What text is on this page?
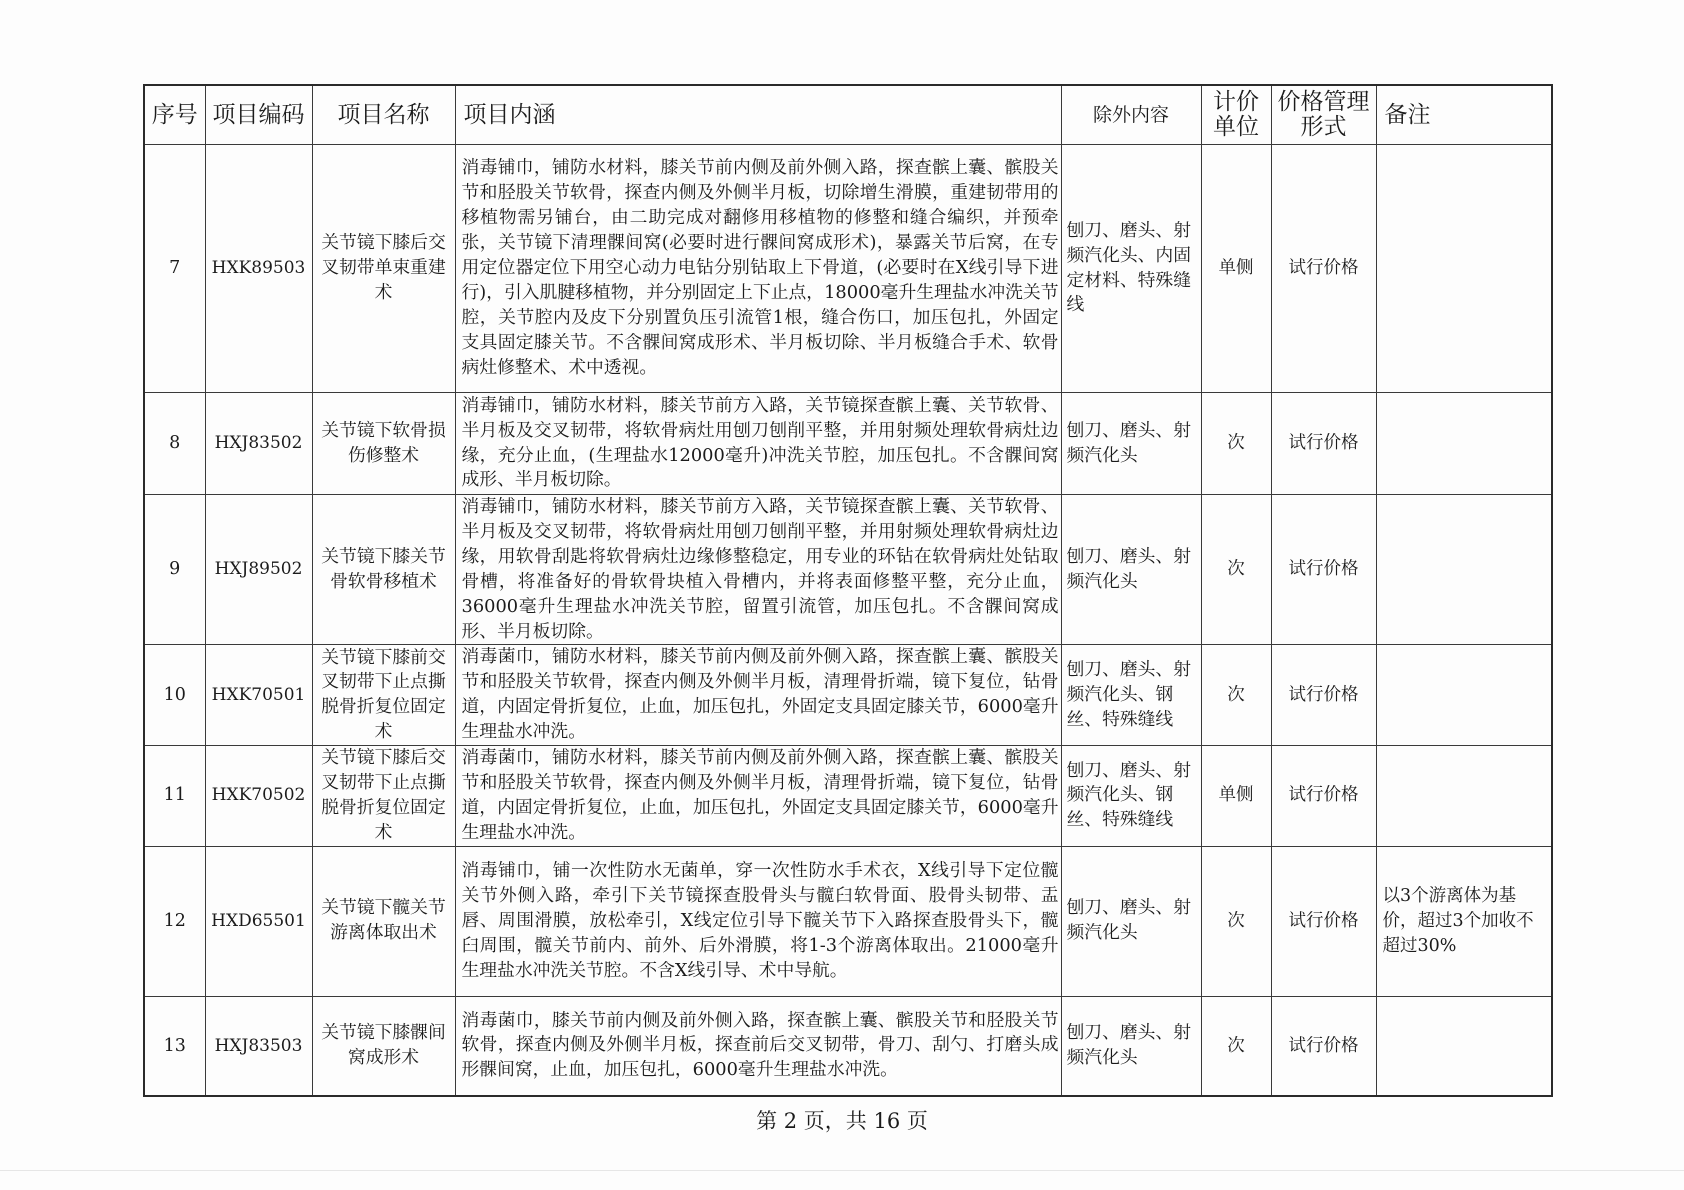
序号	项目编码	项目名称	项目内涵	除外内容	计价单位	价格管理形式	备注
7	HXK89503	关节镜下膝后交叉韧带单束重建术	消毒铺巾，铺防水材料，膝关节前内侧及前外侧入路，探查髌上囊、髌股关节和胫股关节软骨，探查内侧及外侧半月板，切除增生滑膜，重建韧带用的移植物需另铺台，由二助完成对翻修用移植物的修整和缝合编织，并预牵张，关节镜下清理髁间窝(必要时进行髁间窝成形术)，暴露关节后窝，在专用定位器定位下用空心动力电钻分别钻取上下骨道，(必要时在X线引导下进行)，引入肌腱移植物，并分别固定上下止点，18000毫升生理盐水冲洗关节腔，关节腔内及皮下分别置负压引流管1根，缝合伤口，加压包扎，外固定支具固定膝关节。不含髁间窝成形术、半月板切除、半月板缝合手术、软骨病灶修整术、术中透视。	刨刀、磨头、射频汽化头、内固定材料、特殊缝线	单侧	试行价格	
8	HXJ83502	关节镜下软骨损伤修整术	消毒铺巾，铺防水材料，膝关节前方入路，关节镜探查髌上囊、关节软骨、半月板及交叉韧带，将软骨病灶用刨刀刨削平整，并用射频处理软骨病灶边缘，充分止血，(生理盐水12000毫升)冲洗关节腔，加压包扎。不含髁间窝成形、半月板切除。	刨刀、磨头、射频汽化头	次	试行价格	
9	HXJ89502	关节镜下膝关节骨软骨移植术	消毒铺巾，铺防水材料，膝关节前方入路，关节镜探查髌上囊、关节软骨、半月板及交叉韧带，将软骨病灶用刨刀刨削平整，并用射频处理软骨病灶边缘，用软骨刮匙将软骨病灶边缘修整稳定，用专业的环钻在软骨病灶处钻取骨槽，将准备好的骨软骨块植入骨槽内，并将表面修整平整，充分止血，36000毫升生理盐水冲洗关节腔，留置引流管，加压包扎。不含髁间窝成形、半月板切除。	刨刀、磨头、射频汽化头	次	试行价格	
10	HXK70501	关节镜下膝前交叉韧带下止点撕脱骨折复位固定术	消毒菌巾，铺防水材料，膝关节前内侧及前外侧入路，探查髌上囊、髌股关节和胫股关节软骨，探查内侧及外侧半月板，清理骨折端，镜下复位，钻骨道，内固定骨折复位，止血，加压包扎，外固定支具固定膝关节，6000毫升生理盐水冲洗。	刨刀、磨头、射频汽化头、钢丝、特殊缝线	次	试行价格	
11	HXK70502	关节镜下膝后交叉韧带下止点撕脱骨折复位固定术	消毒菌巾，铺防水材料，膝关节前内侧及前外侧入路，探查髌上囊、髌股关节和胫股关节软骨，探查内侧及外侧半月板，清理骨折端，镜下复位，钻骨道，内固定骨折复位，止血，加压包扎，外固定支具固定膝关节，6000毫升生理盐水冲洗。	刨刀、磨头、射频汽化头、钢丝、特殊缝线	单侧	试行价格	
12	HXD65501	关节镜下髋关节游离体取出术	消毒铺巾，铺一次性防水无菌单，穿一次性防水手术衣，X线引导下定位髋关节外侧入路，牵引下关节镜探查股骨头与髋臼软骨面、股骨头韧带、盂唇、周围滑膜，放松牵引，X线定位引导下髋关节下入路探查股骨头下，髋臼周围，髋关节前内、前外、后外滑膜，将1-3个游离体取出。21000毫升生理盐水冲洗关节腔。不含X线引导、术中导航。	刨刀、磨头、射频汽化头	次	试行价格	以3个游离体为基价，超过3个加收不超过30%
13	HXJ83503	关节镜下膝髁间窝成形术	消毒菌巾，膝关节前内侧及前外侧入路，探查髌上囊、髌股关节和胫股关节软骨，探查内侧及外侧半月板，探查前后交叉韧带，骨刀、刮勺、打磨头成形髁间窝，止血，加压包扎，6000毫升生理盐水冲洗。	刨刀、磨头、射频汽化头	次	试行价格	
第 2 页，共 16 页
